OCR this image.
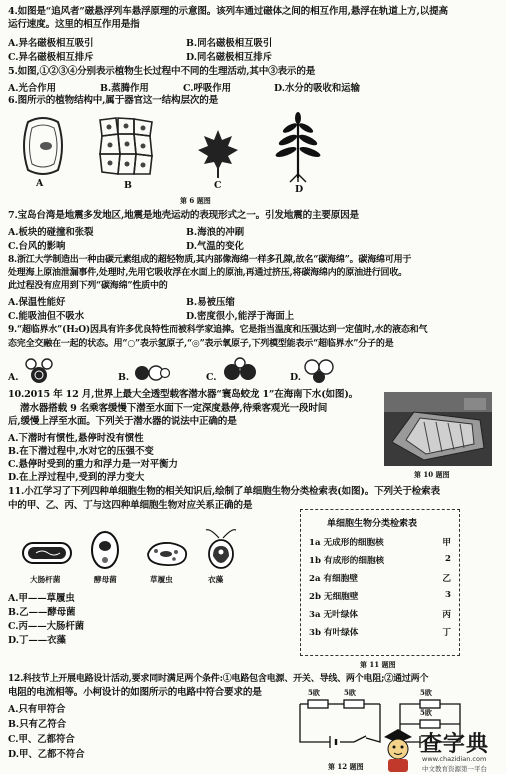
4.如图是“追风者”磁悬浮列车悬浮原理的示意图。该列车通过磁体之间的相互作用,悬浮在轨道上方,以提高
运行速度。这里的相互作用是指
A.异名磁极相互吸引	B.同名磁极相互吸引
C.异名磁极相互排斥	D.同名磁极相互排斥
5.如图,①②③④分别表示植物生长过程中不同的生理活动,其中③表示的是
A.光合作用	B.蒸腾作用	C.呼吸作用	D.水分的吸收和运输
6.图所示的植物结构中,属于器官这一结构层次的是
A	B	C	D
第 6 题图
7.宝岛台湾是地震多发地区,地震是地壳运动的表现形式之一。引发地震的主要原因是
A.板块的碰撞和张裂	B.海浪的冲刷
C.台风的影响	D.气温的变化
8.浙江大学制造出一种由碳元素组成的超轻物质,其内部像海绵一样多孔隙,故名“碳海绵”。碳海绵可用于
处理海上原油泄漏事件,处理时,先用它吸收浮在水面上的原油,再通过挤压,将碳海绵内的原油进行回收。
此过程没有应用到下列“碳海绵”性质中的
A.保温性能好	B.易被压缩
C.能吸油但不吸水	D.密度很小,能浮于海面上
9.“超临界水”(H₂O)因具有许多优良特性而被科学家追捧。它是指当温度和压强达到一定值时,水的液态和气
态完全交融在一起的状态。用“○”表示氢原子,“◎”表示氧原子,下列模型能表示“超临界水”分子的是
A.	B.	C.	D.
10.2015 年 12 月,世界上最大全透型载客潜水器“寰岛蛟龙 1”在海南下水(如图)。
潜水器搭载 9 名乘客缓慢下潜至水面下一定深度悬停,待乘客观光一段时间
后,缓慢上浮至水面。下列关于潜水器的说法中正确的是
A.下潜时有惯性,悬停时没有惯性
B.在下潜过程中,水对它的压强不变
C.悬停时受到的重力和浮力是一对平衡力
D.在上浮过程中,受到的浮力变大	第 10 题图
11.小江学习了下列四种单细胞生物的相关知识后,绘制了单细胞生物分类检索表(如图)。下列关于检索表
中的甲、乙、丙、丁与这四种单细胞生物对应关系正确的是
大肠杆菌	酵母菌	草履虫	衣藻
A.甲——草履虫
B.乙——酵母菌
C.丙——大肠杆菌
D.丁——衣藻
单细胞生物分类检索表
1a 无成形的细胞核	甲
1b 有成形的细胞核	2
2a 有细胞壁	乙
2b 无细胞壁	3
3a 无叶绿体	丙
3b 有叶绿体	丁
第 11 题图
12.科技节上开展电路设计活动,要求同时满足两个条件:①电路包含电源、开关、导线、两个电阻;②通过两个
电阻的电流相等。小柯设计的如图所示的电路中符合要求的是
A.只有甲符合
B.只有乙符合
C.甲、乙都符合
D.甲、乙都不符合
5欧	5欧	5欧
5欧
第 12 题图
查字典
www.chazidian.com
中文教育资源第一平台
